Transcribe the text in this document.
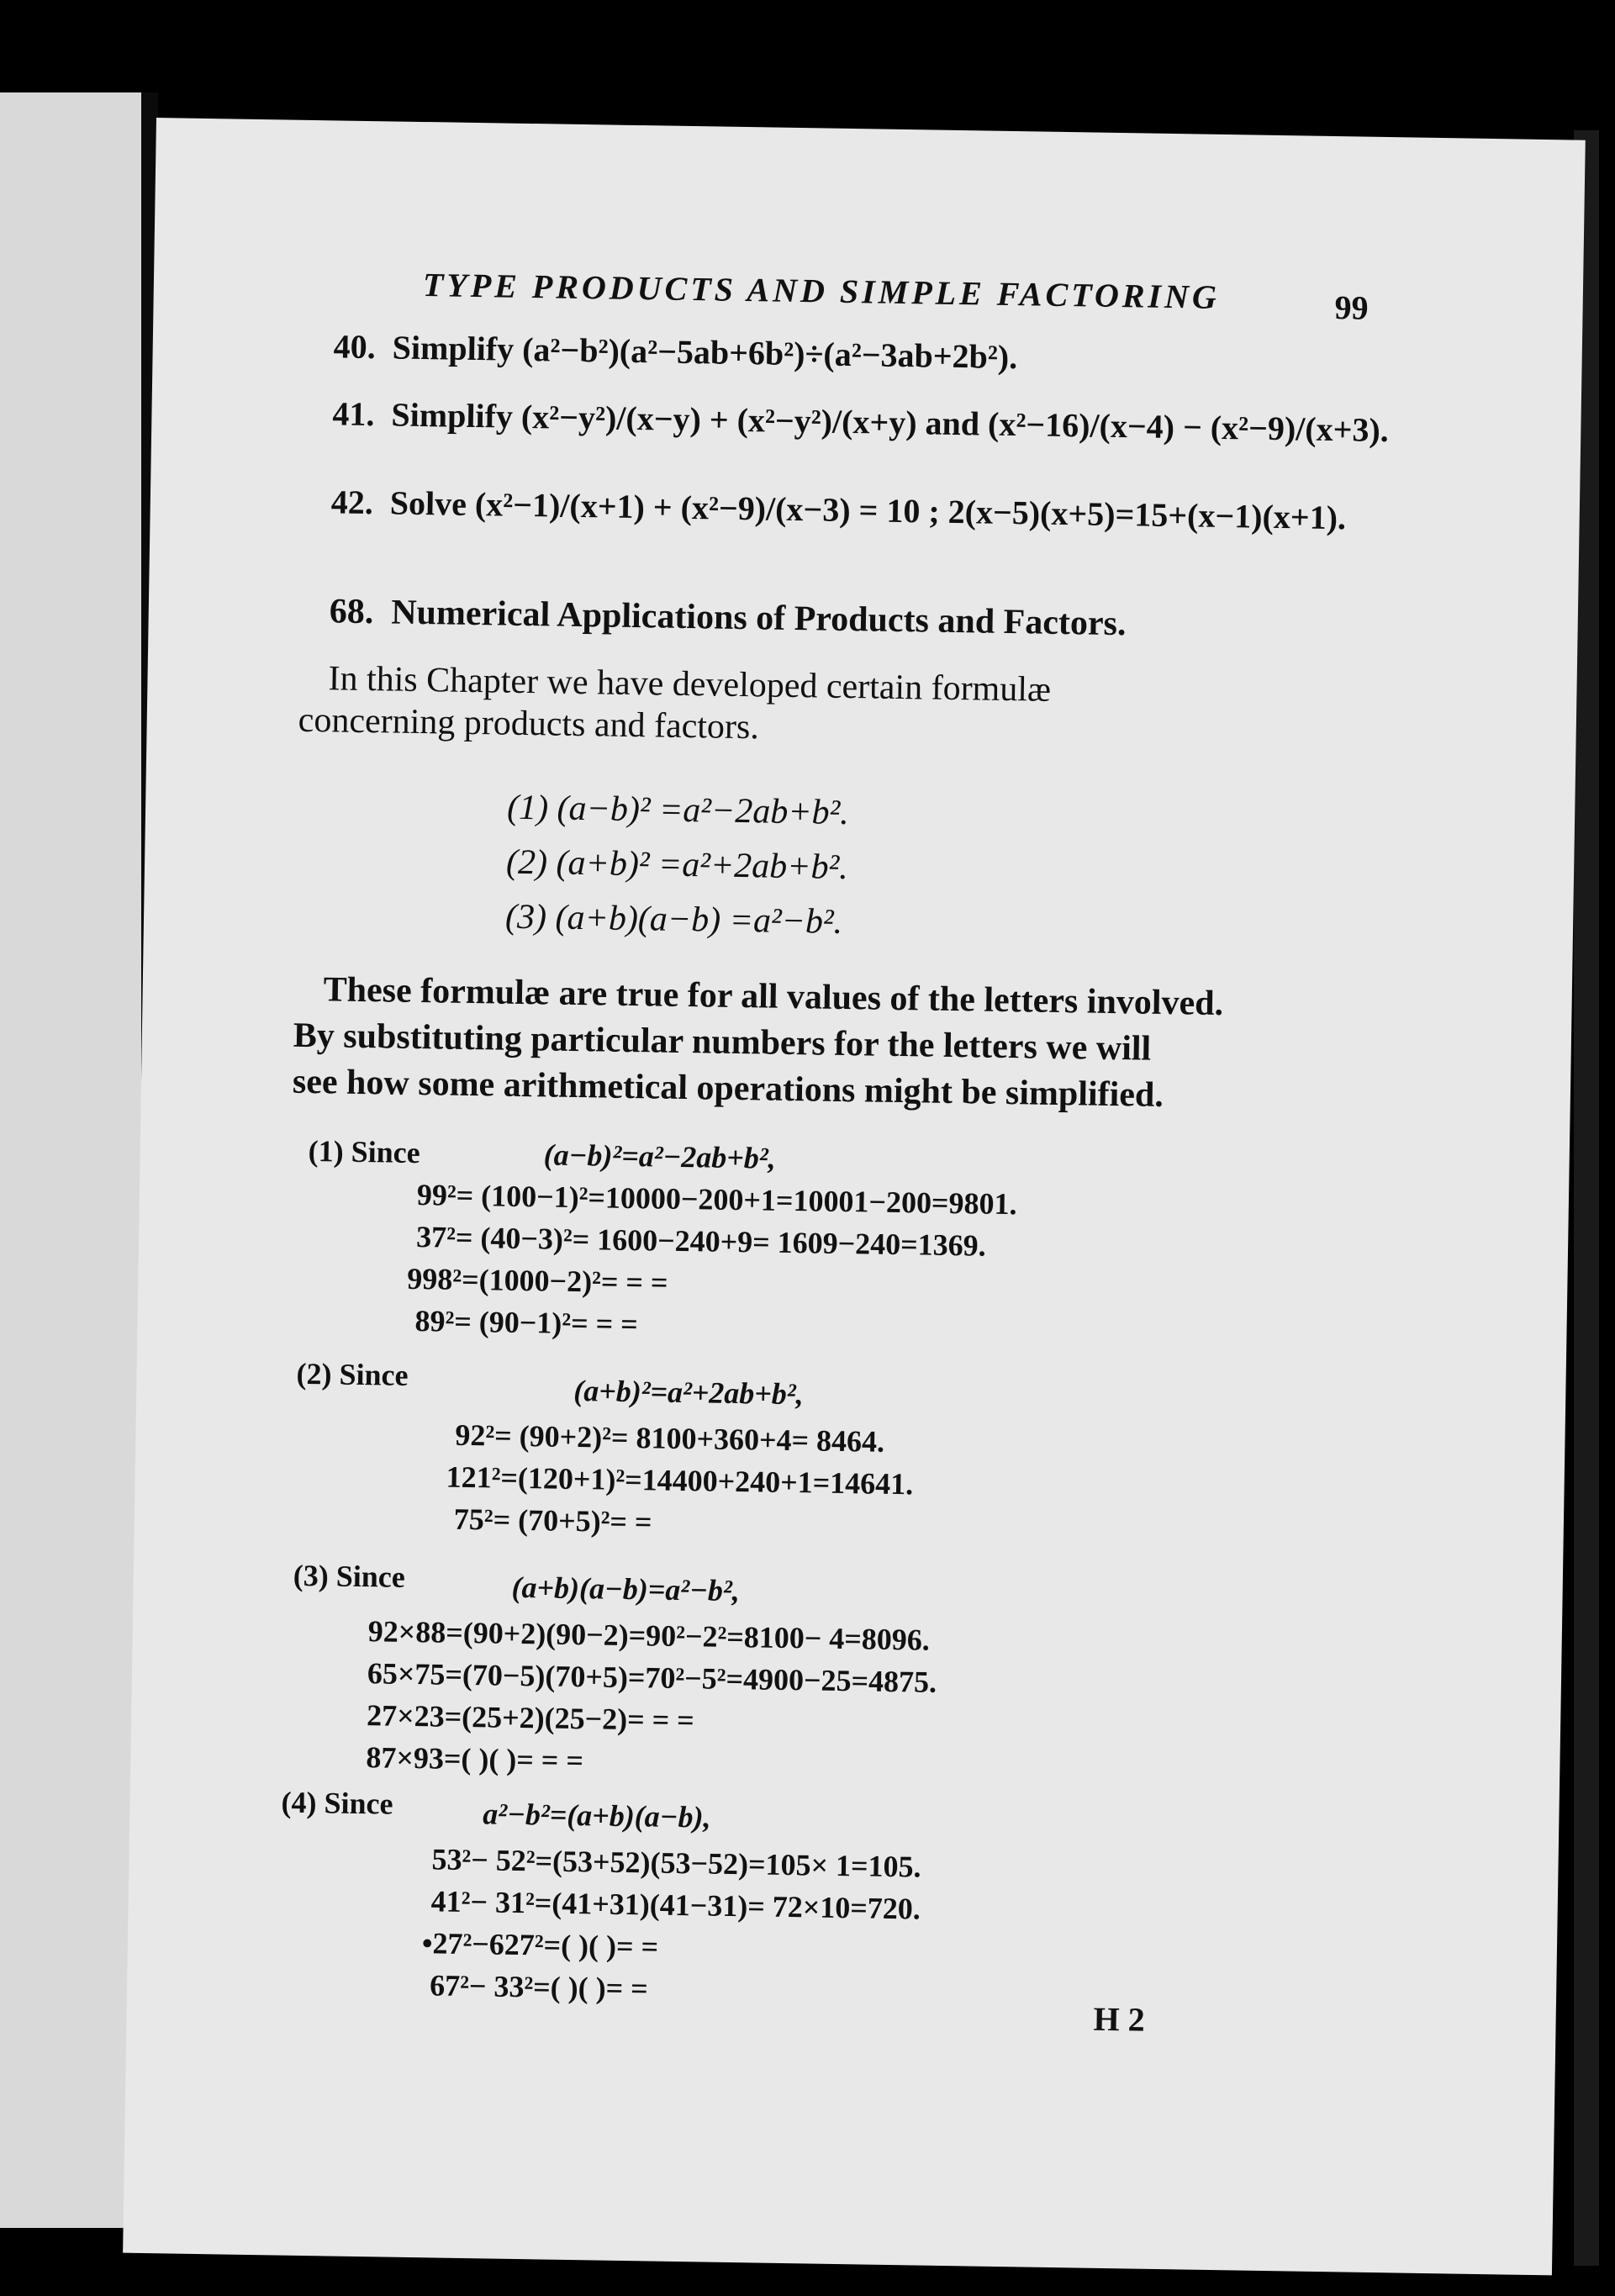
TYPE PRODUCTS AND SIMPLE FACTORING	99
40. Simplify (a²−b²)(a²−5ab+6b²)÷(a²−3ab+2b²).
41. Simplify (x²−y²)/(x−y) + (x²−y²)/(x+y) and (x²−16)/(x−4) − (x²−9)/(x+3).
42. Solve (x²−1)/(x+1) + (x²−9)/(x−3) = 10 ; 2(x−5)(x+5)=15+(x−1)(x+1).
68. Numerical Applications of Products and Factors.
In this Chapter we have developed certain formulæ
concerning products and factors.
(1) (a−b)² =a²−2ab+b².
(2) (a+b)² =a²+2ab+b².
(3) (a+b)(a−b) =a²−b².
These formulæ are true for all values of the letters involved.
By substituting particular numbers for the letters we will
see how some arithmetical operations might be simplified.
(1) Since	(a−b)²=a²−2ab+b²,
99²= (100−1)²=10000−200+1=10001−200=9801.
37²= (40−3)²= 1600−240+9= 1609−240=1369.
998²=(1000−2)²= = =
89²= (90−1)²= = =
(2) Since	(a+b)²=a²+2ab+b²,
92²= (90+2)²= 8100+360+4= 8464.
121²=(120+1)²=14400+240+1=14641.
75²= (70+5)²= =
(3) Since	(a+b)(a−b)=a²−b²,
92×88=(90+2)(90−2)=90²−2²=8100− 4=8096.
65×75=(70−5)(70+5)=70²−5²=4900−25=4875.
27×23=(25+2)(25−2)= = =
87×93=( )( )= = =
(4) Since	a²−b²=(a+b)(a−b),
53²− 52²=(53+52)(53−52)=105× 1=105.
41²− 31²=(41+31)(41−31)= 72×10=720.
•27²−627²=( )( )= =
67²− 33²=( )( )= =
H 2
